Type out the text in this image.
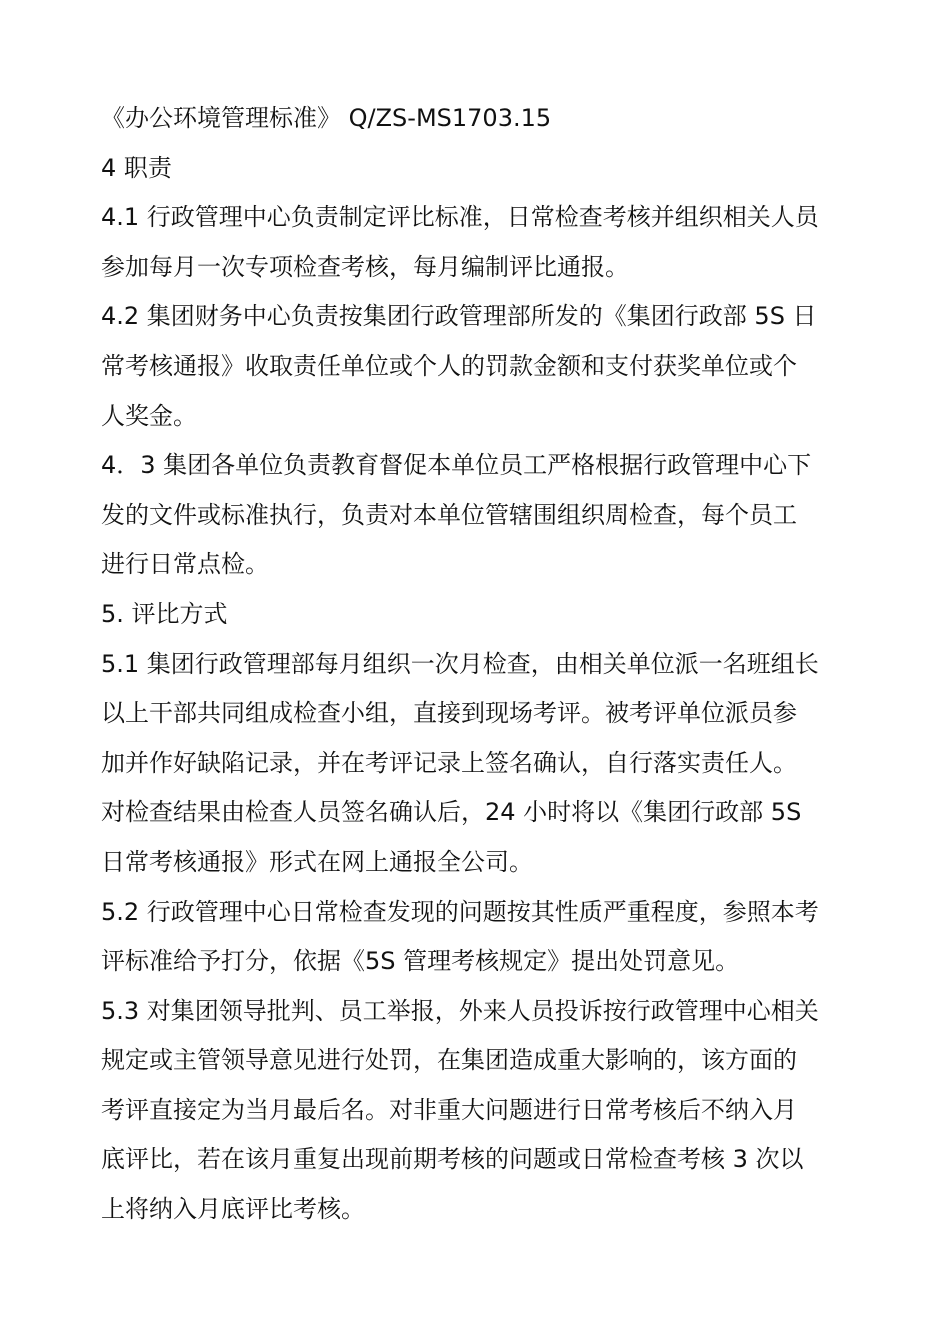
《办公环境管理标准》 Q/ZS-MS1703.15
4 职责
4.1 行政管理中心负责制定评比标准，日常检查考核并组织相关人员
参加每月一次专项检查考核，每月编制评比通报。
4.2 集团财务中心负责按集团行政管理部所发的《集团行政部 5S 日
常考核通报》收取责任单位或个人的罚款金额和支付获奖单位或个
人奖金。
4．3 集团各单位负责教育督促本单位员工严格根据行政管理中心下
发的文件或标准执行，负责对本单位管辖围组织周检查，每个员工
进行日常点检。
5. 评比方式
5.1 集团行政管理部每月组织一次月检查，由相关单位派一名班组长
以上干部共同组成检查小组，直接到现场考评。被考评单位派员参
加并作好缺陷记录，并在考评记录上签名确认，自行落实责任人。
对检查结果由检查人员签名确认后，24 小时将以《集团行政部 5S
日常考核通报》形式在网上通报全公司。
5.2 行政管理中心日常检查发现的问题按其性质严重程度，参照本考
评标准给予打分，依据《5S 管理考核规定》提出处罚意见。
5.3 对集团领导批判、员工举报，外来人员投诉按行政管理中心相关
规定或主管领导意见进行处罚，在集团造成重大影响的，该方面的
考评直接定为当月最后名。对非重大问题进行日常考核后不纳入月
底评比，若在该月重复出现前期考核的问题或日常检查考核 3 次以
上将纳入月底评比考核。
